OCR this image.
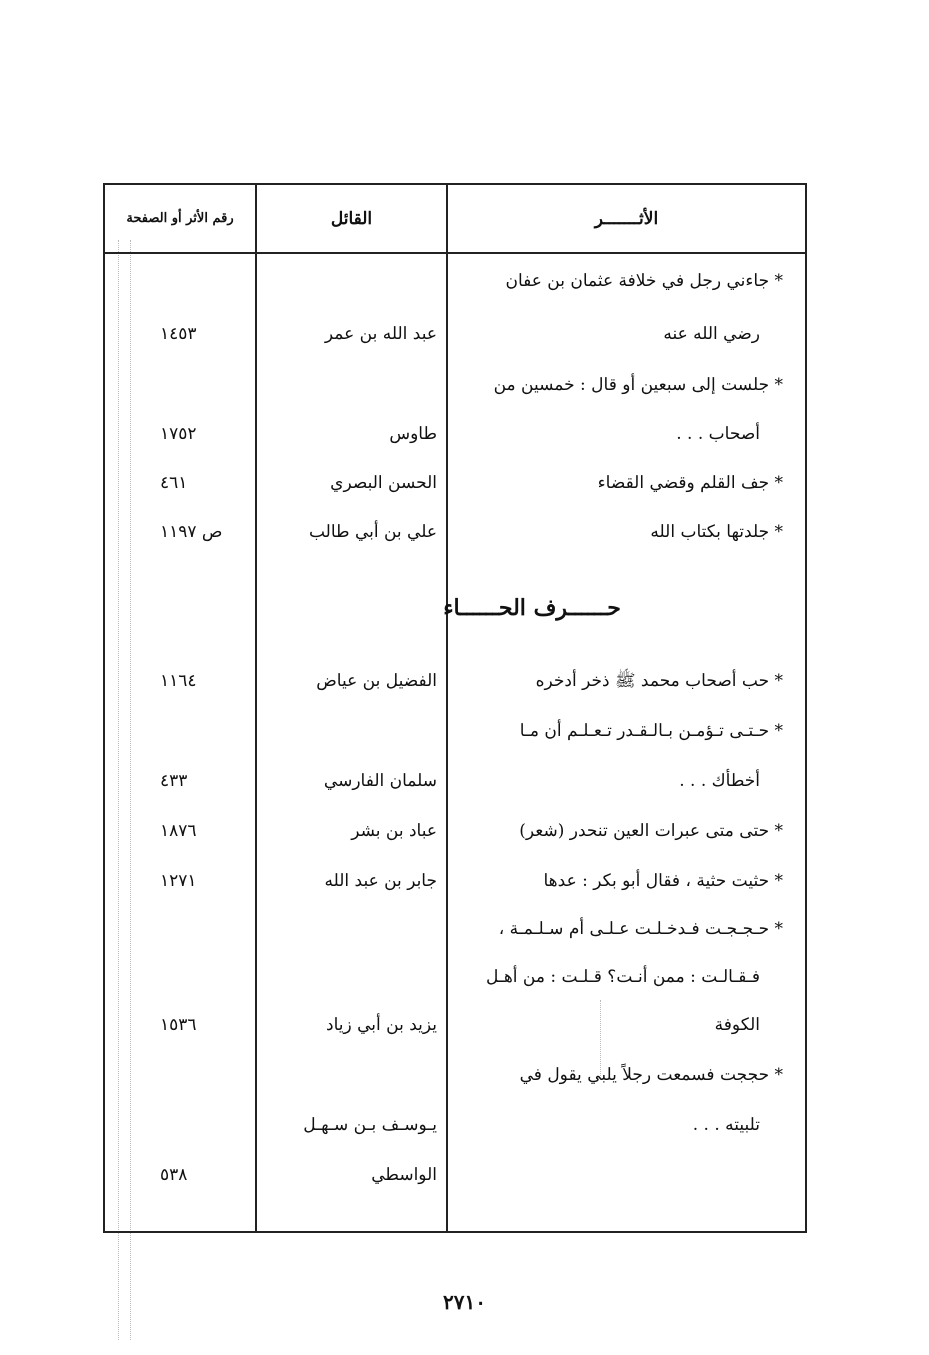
الأثـــــــر
القائل
رقم الأثر أو الصفحة
حــــــرف الحــــــاء
* جاءني رجل في خلافة عثمان بن عفان
رضي الله عنه
عبد الله بن عمر
١٤٥٣
* جلست إلى سبعين أو قال : خمسين من
أصحاب . . .
طاوس
١٧٥٢
* جف القلم وقضي القضاء
الحسن البصري
٤٦١
* جلدتها بكتاب الله
علي بن أبي طالب
ص ١١٩٧
* حب أصحاب محمد ﷺ ذخر أدخره
الفضيل بن عياض
١١٦٤
* حـتـى تـؤمـن بـالـقـدر تـعـلـم أن مـا
أخطأك . . .
سلمان الفارسي
٤٣٣
* حتى متى عبرات العين تنحدر (شعر)
عباد بن بشر
١٨٧٦
* حثيت حثية ، فقال أبو بكر : عدها
جابر بن عبد الله
١٢٧١
* حـجـجـت فـدخـلـت عـلـى أم سـلـمـة ،
فـقـالـت : ممن أنـت؟ قـلـت : من أهـل
الكوفة
يزيد بن أبي زياد
١٥٣٦
* حججت فسمعت رجلاً يلبي يقول في
تلبيته . . .
يـوسـف بـن سـهـل
الواسطي
٥٣٨
٢٧١٠
